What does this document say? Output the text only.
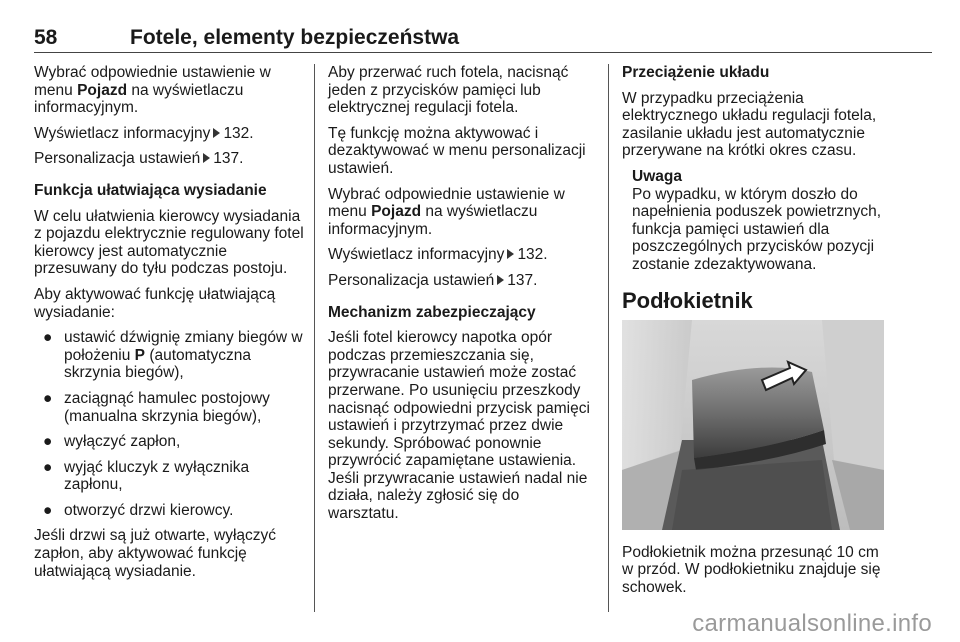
58	Fotele, elementy bezpieczeństwa

Wybrać odpowiednie ustawienie w menu Pojazd na wyświetlaczu informacyjnym.

Wyświetlacz informacyjny 132.

Personalizacja ustawień 137.

Funkcja ułatwiająca wysiadanie

W celu ułatwienia kierowcy wysiadania z pojazdu elektrycznie regulowany fotel kierowcy jest automatycznie przesuwany do tyłu podczas postoju.

Aby aktywować funkcję ułatwiającą wysiadanie:

● ustawić dźwignię zmiany biegów w położeniu P (automatyczna skrzynia biegów),
● zaciągnąć hamulec postojowy (manualna skrzynia biegów),
● wyłączyć zapłon,
● wyjąć kluczyk z wyłącznika zapłonu,
● otworzyć drzwi kierowcy.

Jeśli drzwi są już otwarte, wyłączyć zapłon, aby aktywować funkcję ułatwiającą wysiadanie.

Aby przerwać ruch fotela, nacisnąć jeden z przycisków pamięci lub elektrycznej regulacji fotela.

Tę funkcję można aktywować i dezaktywować w menu personalizacji ustawień.

Wybrać odpowiednie ustawienie w menu Pojazd na wyświetlaczu informacyjnym.

Wyświetlacz informacyjny 132.

Personalizacja ustawień 137.

Mechanizm zabezpieczający

Jeśli fotel kierowcy napotka opór podczas przemieszczania się, przywracanie ustawień może zostać przerwane. Po usunięciu przeszkody nacisnąć odpowiedni przycisk pamięci ustawień i przytrzymać przez dwie sekundy. Spróbować ponownie przywrócić zapamiętane ustawienia. Jeśli przywracanie ustawień nadal nie działa, należy zgłosić się do warsztatu.

Przeciążenie układu

W przypadku przeciążenia elektrycznego układu regulacji fotela, zasilanie układu jest automatycznie przerywane na krótki okres czasu.

Uwaga
Po wypadku, w którym doszło do napełnienia poduszek powietrznych, funkcja pamięci ustawień dla poszczególnych przycisków pozycji zostanie zdezaktywowana.
Podłokietnik

Podłokietnik można przesunąć 10 cm w przód. W podłokietniku znajduje się schowek.

carmanualsonline.info
